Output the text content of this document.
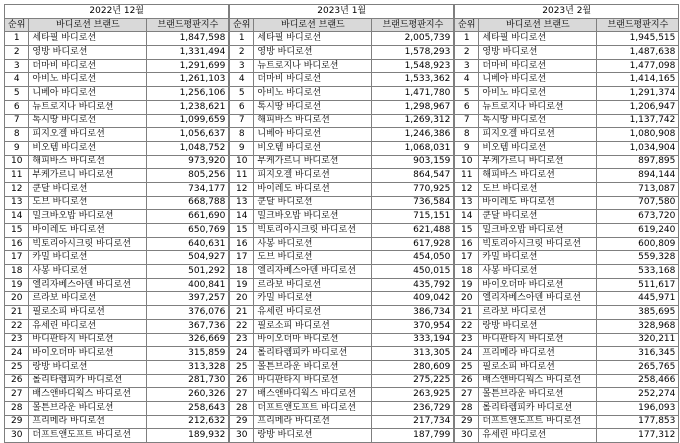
2022년 12월		
순위	바디로션 브랜드	브랜드평판지수
1	세타필 바디로션	1,847,598
2	영방 바디로션	1,331,494
3	더마비 바디로션	1,291,699
4	아비노 바디로션	1,261,103
5	니베아 바디로션	1,256,106
6	뉴트로지나 바디로션	1,238,621
7	톡시땅 바디로션	1,099,659
8	피지오겔 바디로션	1,056,637
9	비오템 바디로션	1,048,752
10	해피바스 바디로션	973,920
11	부케가르니 바디로션	805,256
12	쿤달 바디로션	734,177
13	도브 바디로션	668,788
14	밀크바오밥 바디로션	661,690
15	바이레도 바디로션	650,769
16	빅토리아시크릿 바디로션	640,631
17	카밀 바디로션	504,927
18	사봉 바디로션	501,292
19	엘리자베스아덴 바디로션	400,841
20	르라보 바디로션	397,257
21	필로소피 바디로션	376,076
22	유세린 바디로션	367,736
23	바디판타지 바디로션	326,669
24	바이오더마 바디로션	315,859
25	랑방 바디로션	313,328
26	롤리타렘피카 바디로션	281,730
27	배스앤바디웍스 바디로션	260,326
28	몰튼브라운 바디로션	258,643
29	프리메라 바디로션	212,632
30	더프트앤도프트 바디로션	189,932
2023년 1월		
순위	바디로션 브랜드	브랜드평판지수
1	세타필 바디로션	2,005,739
2	영방 바디로션	1,578,293
3	뉴트로지나 바디로션	1,548,923
4	더마비 바디로션	1,533,362
5	아비노 바디로션	1,471,780
6	톡시땅 바디로션	1,298,967
7	해피바스 바디로션	1,269,312
8	니베아 바디로션	1,246,386
9	비오템 바디로션	1,068,031
10	부케가르니 바디로션	903,159
11	피지오겔 바디로션	864,547
12	바이레도 바디로션	770,925
13	쿤달 바디로션	736,584
14	밀크바오밥 바디로션	715,151
15	빅토리아시크릿 바디로션	621,488
16	사봉 바디로션	617,928
17	도브 바디로션	454,050
18	엘리자베스아덴 바디로션	450,015
19	르라보 바디로션	435,792
20	카밀 바디로션	409,042
21	유세린 바디로션	386,734
22	필로소피 바디로션	370,954
23	바이오더마 바디로션	333,194
24	롤리타렘피카 바디로션	313,305
25	몰튼브라운 바디로션	280,609
26	바디판타지 바디로션	275,225
27	배스앤바디웍스 바디로션	263,925
28	더프트앤도프트 바디로션	236,729
29	프리메라 바디로션	217,734
30	랑방 바디로션	187,799
2023년 2월		
순위	바디로션 브랜드	브랜드평판지수
1	세타필 바디로션	1,945,515
2	영방 바디로션	1,487,638
3	더마비 바디로션	1,477,098
4	니베아 바디로션	1,414,165
5	아비노 바디로션	1,291,374
6	뉴트로지나 바디로션	1,206,947
7	톡시땅 바디로션	1,137,742
8	피지오겔 바디로션	1,080,908
9	비오템 바디로션	1,034,904
10	부케가르니 바디로션	897,895
11	해피바스 바디로션	894,144
12	도브 바디로션	713,087
13	바이레도 바디로션	707,580
14	쿤달 바디로션	673,720
15	밀크바오밥 바디로션	619,240
16	빅토리아시크릿 바디로션	600,809
17	카밀 바디로션	559,328
18	사봉 바디로션	533,168
19	바이오더마 바디로션	511,617
20	엘리자베스아덴 바디로션	445,971
21	르라보 바디로션	385,695
22	랑방 바디로션	328,968
23	바디판타지 바디로션	320,211
24	프리메라 바디로션	316,345
25	필로소피 바디로션	265,765
26	배스앤바디웍스 바디로션	258,466
27	몰튼브라운 바디로션	252,274
28	롤리타렘피카 바디로션	196,093
29	더프트앤도프트 바디로션	177,853
30	유세린 바디로션	177,312
